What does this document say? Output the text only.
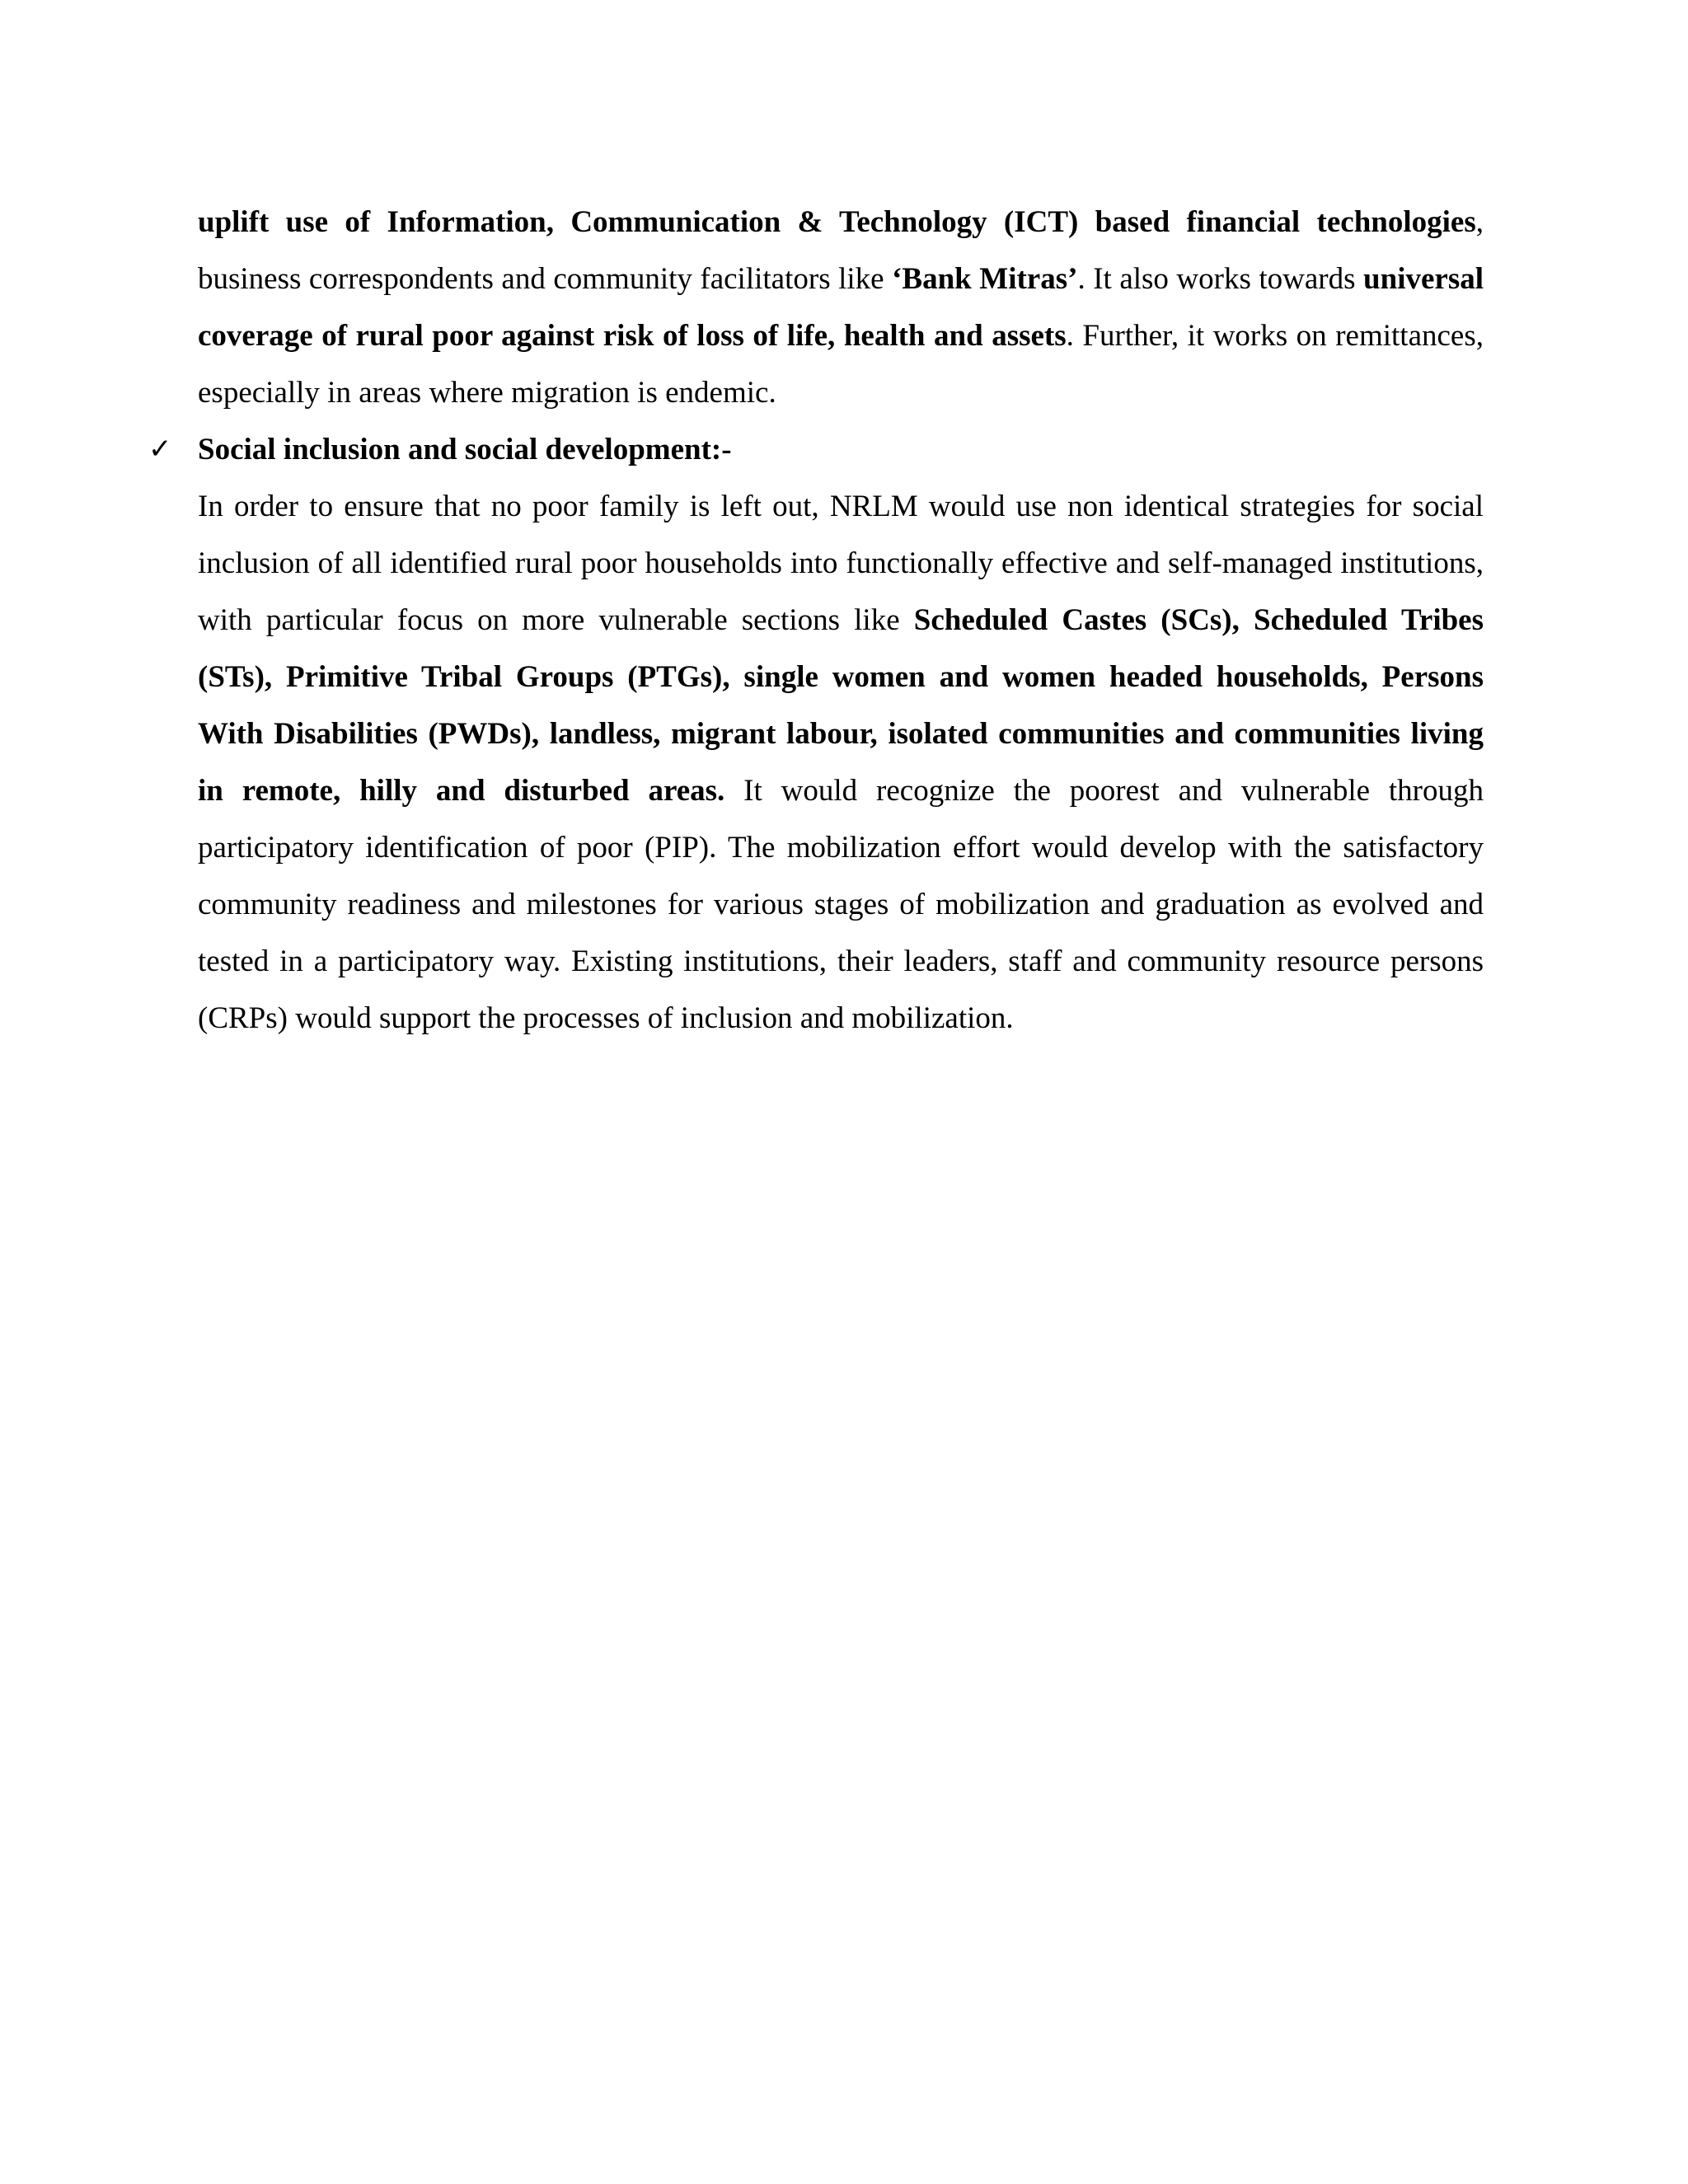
uplift use of Information, Communication & Technology (ICT) based financial technologies, business correspondents and community facilitators like ‘Bank Mitras’. It also works towards universal coverage of rural poor against risk of loss of life, health and assets. Further, it works on remittances, especially in areas where migration is endemic.

✓ Social inclusion and social development:-

In order to ensure that no poor family is left out, NRLM would use non identical strategies for social inclusion of all identified rural poor households into functionally effective and self-managed institutions, with particular focus on more vulnerable sections like Scheduled Castes (SCs), Scheduled Tribes (STs), Primitive Tribal Groups (PTGs), single women and women headed households, Persons With Disabilities (PWDs), landless, migrant labour, isolated communities and communities living in remote, hilly and disturbed areas. It would recognize the poorest and vulnerable through participatory identification of poor (PIP). The mobilization effort would develop with the satisfactory community readiness and milestones for various stages of mobilization and graduation as evolved and tested in a participatory way. Existing institutions, their leaders, staff and community resource persons (CRPs) would support the processes of inclusion and mobilization.
